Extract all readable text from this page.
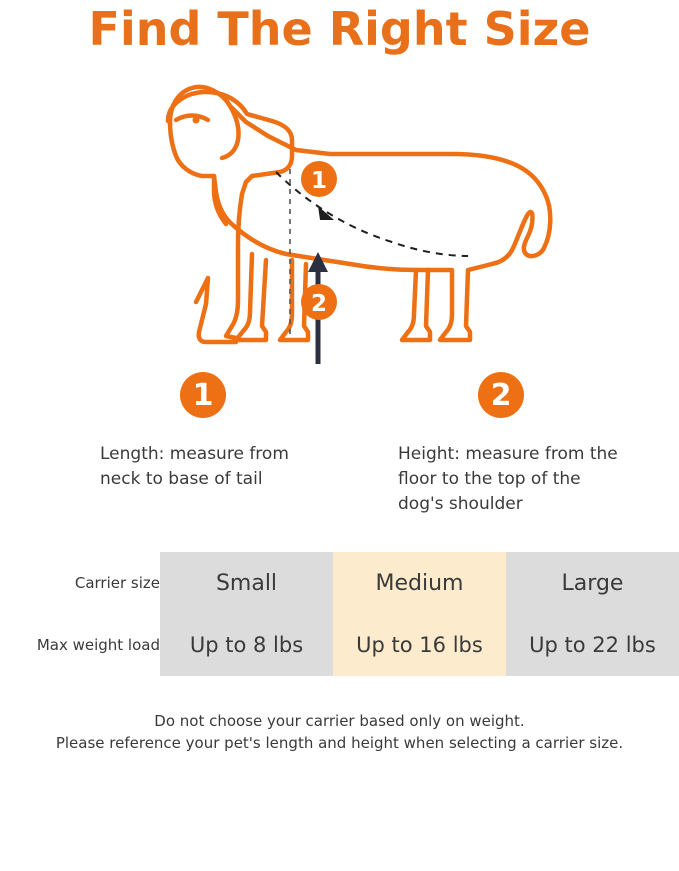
Find The Right Size
1
2
1	2
Length: measure from neck to base of tail
Height: measure from the floor to the top of the dog's shoulder
Carrier size	Small	Medium	Large
Max weight load	Up to 8 lbs	Up to 16 lbs	Up to 22 lbs
Do not choose your carrier based only on weight.
Please reference your pet's length and height when selecting a carrier size.
